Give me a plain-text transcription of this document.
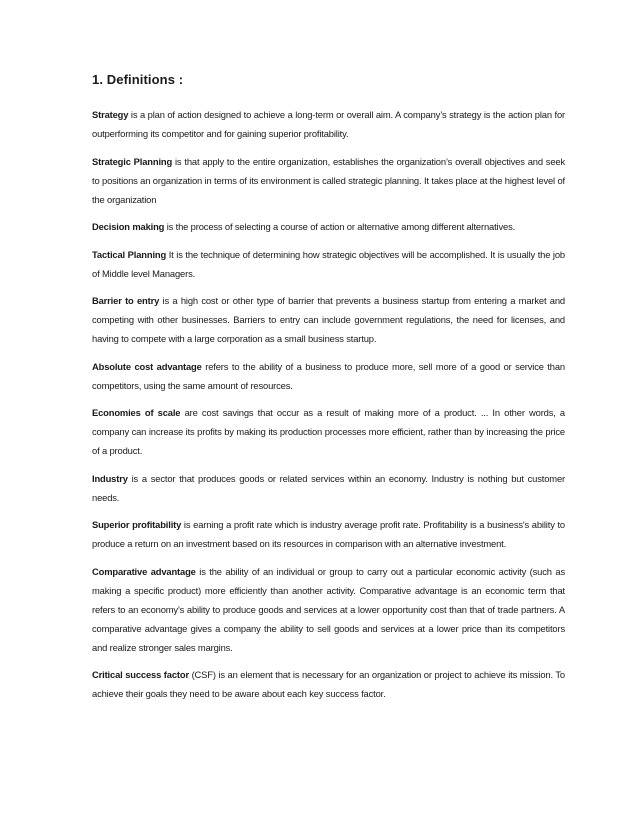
1. Definitions :

Strategy is a plan of action designed to achieve a long-term or overall aim. A company’s strategy is the action plan for outperforming its competitor and for gaining superior profitability.

Strategic Planning is that apply to the entire organization, establishes the organization’s overall objectives and seek to positions an organization in terms of its environment is called strategic planning. It takes place at the highest level of the organization

Decision making is the process of selecting a course of action or alternative among different alternatives.

Tactical Planning It is the technique of determining how strategic objectives will be accomplished. It is usually the job of Middle level Managers.

Barrier to entry is a high cost or other type of barrier that prevents a business startup from entering a market and competing with other businesses. Barriers to entry can include government regulations, the need for licenses, and having to compete with a large corporation as a small business startup.

Absolute cost advantage refers to the ability of a business to produce more, sell more of a good or service than competitors, using the same amount of resources.

Economies of scale are cost savings that occur as a result of making more of a product. ... In other words, a company can increase its profits by making its production processes more efficient, rather than by increasing the price of a product.

Industry is a sector that produces goods or related services within an economy. Industry is nothing but customer needs.

Superior profitability is earning a profit rate which is industry average profit rate. Profitability is a business's ability to produce a return on an investment based on its resources in comparison with an alternative investment.

Comparative advantage is the ability of an individual or group to carry out a particular economic activity (such as making a specific product) more efficiently than another activity. Comparative advantage is an economic term that refers to an economy's ability to produce goods and services at a lower opportunity cost than that of trade partners. A comparative advantage gives a company the ability to sell goods and services at a lower price than its competitors and realize stronger sales margins.

Critical success factor (CSF) is an element that is necessary for an organization or project to achieve its mission. To achieve their goals they need to be aware about each key success factor.
